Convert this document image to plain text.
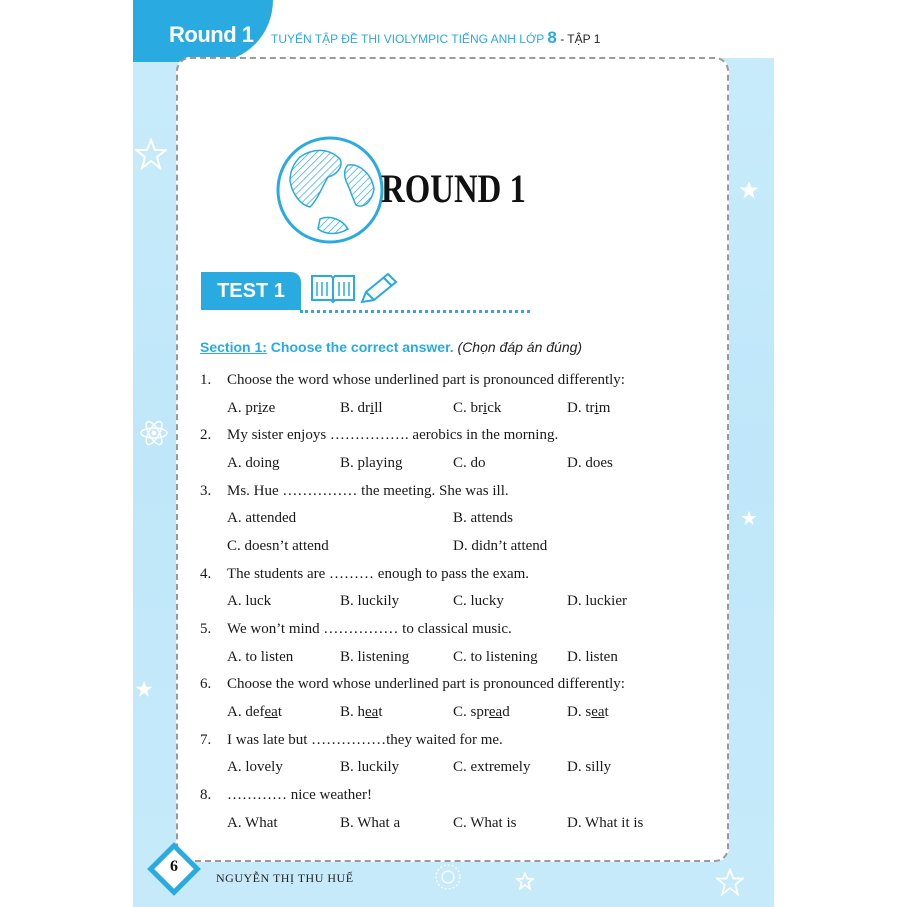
Round 1 TUYỂN TẬP ĐỀ THI VIOLYMPIC TIẾNG ANH LỚP 8 - TẬP 1
ROUND 1
TEST 1
Section 1: Choose the correct answer. (Chọn đáp án đúng)
1. Choose the word whose underlined part is pronounced differently:
A. prize	B. drill	C. brick	D. trim
2. My sister enjoys ……………. aerobics in the morning.
A. doing	B. playing	C. do	D. does
3. Ms. Hue …………… the meeting. She was ill.
A. attended	B. attends
C. doesn’t attend	D. didn’t attend
4. The students are ……… enough to pass the exam.
A. luck	B. luckily	C. lucky	D. luckier
5. We won’t mind …………… to classical music.
A. to listen	B. listening	C. to listening D. listen
6. Choose the word whose underlined part is pronounced differently:
A. defeat	B. heat	C. spread	D. seat
7. I was late but ……………they waited for me.
A. lovely	B. luckily	C. extremely D. silly
8. ………… nice weather!
A. What	B. What a	C. What is	D. What it is
6
NGUYỄN THỊ THU HUẾ
